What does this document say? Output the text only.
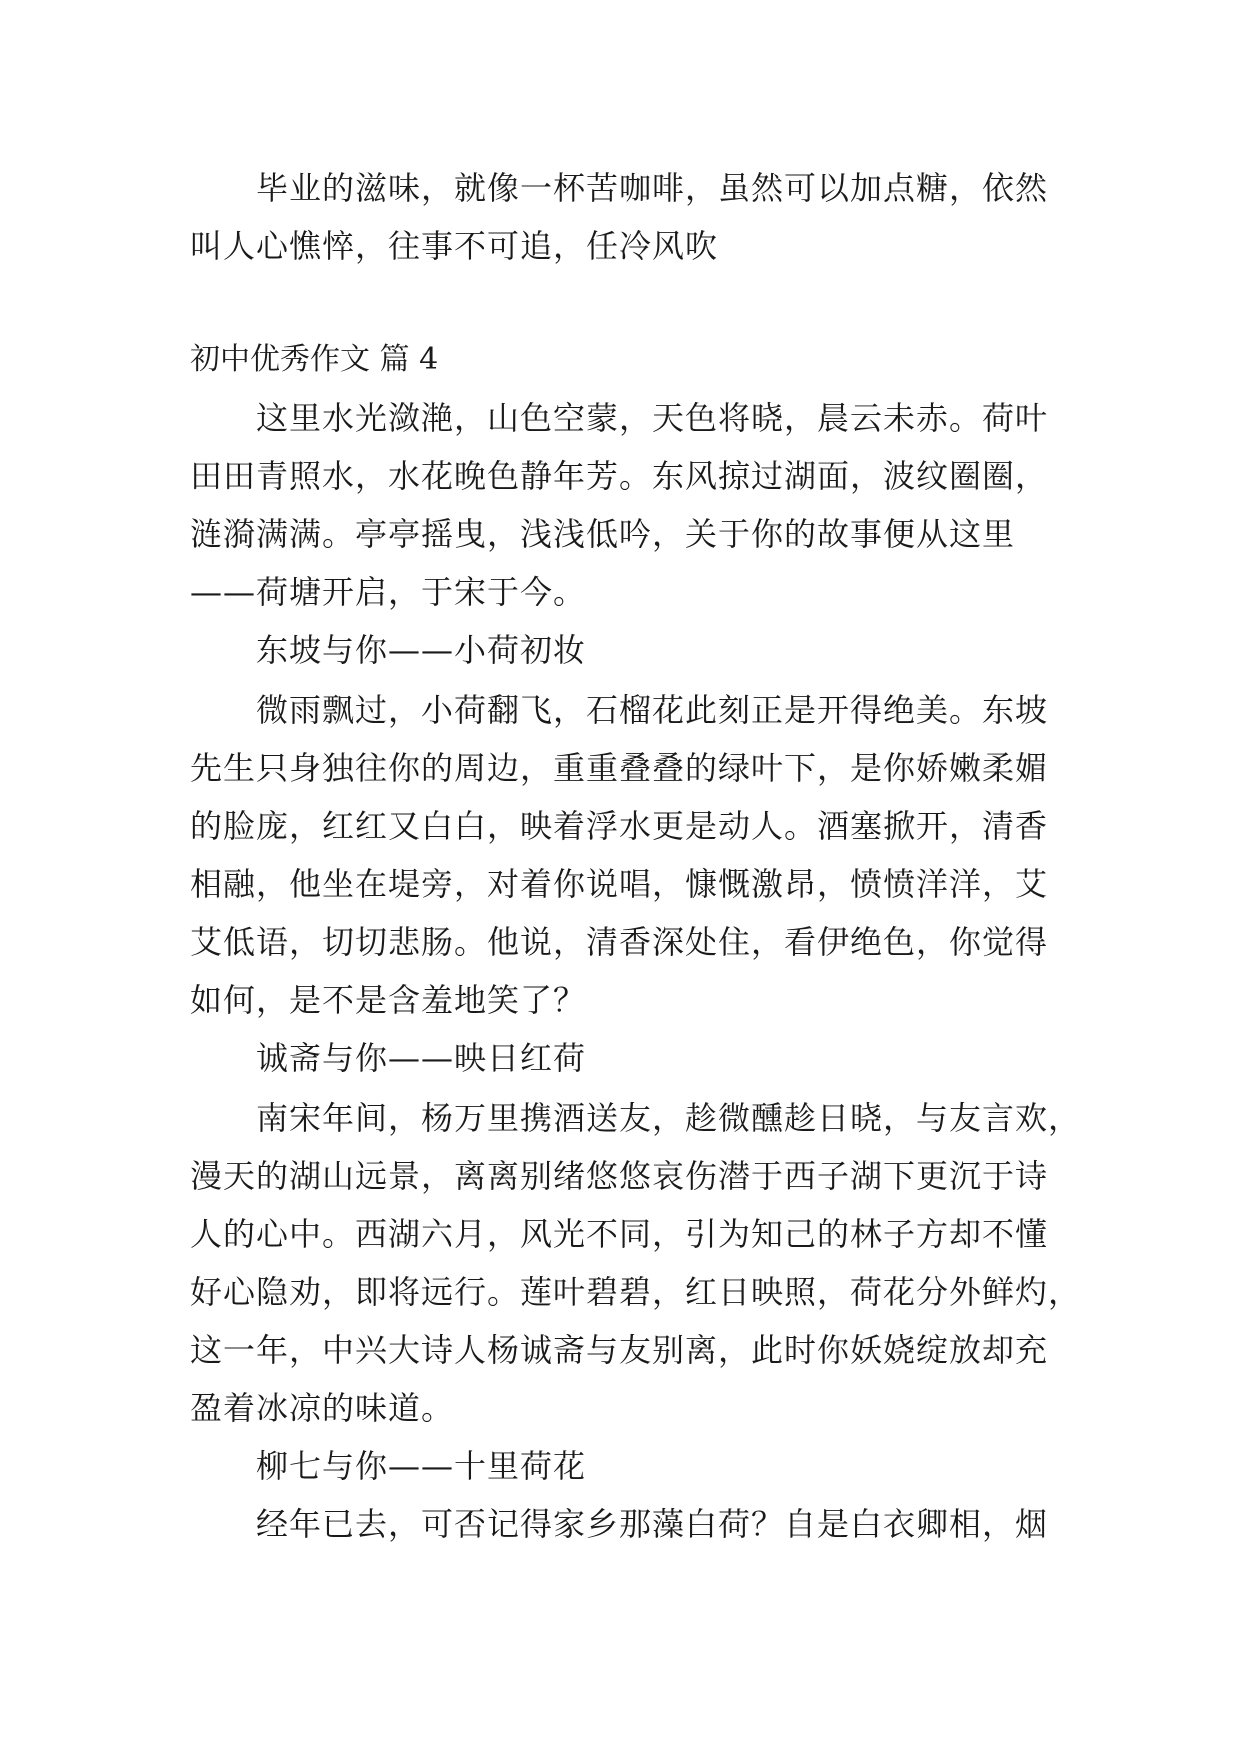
毕业的滋味，就像一杯苦咖啡，虽然可以加点糖，依然
叫人心憔悴，往事不可追，任冷风吹
初中优秀作文 篇 4
这里水光潋滟，山色空蒙，天色将晓，晨云未赤。荷叶
田田青照水，水花晚色静年芳。东风掠过湖面，波纹圈圈，
涟漪满满。亭亭摇曳，浅浅低吟，关于你的故事便从这里
——荷塘开启，于宋于今。
东坡与你——小荷初妆
微雨飘过，小荷翻飞，石榴花此刻正是开得绝美。东坡
先生只身独往你的周边，重重叠叠的绿叶下，是你娇嫩柔媚
的脸庞，红红又白白，映着浮水更是动人。酒塞掀开，清香
相融，他坐在堤旁，对着你说唱，慷慨激昂，愤愤洋洋，艾
艾低语，切切悲肠。他说，清香深处住，看伊绝色，你觉得
如何，是不是含羞地笑了？
诚斋与你——映日红荷
南宋年间，杨万里携酒送友，趁微醺趁日晓，与友言欢，
漫天的湖山远景，离离别绪悠悠哀伤潜于西子湖下更沉于诗
人的心中。西湖六月，风光不同，引为知己的林子方却不懂
好心隐劝，即将远行。莲叶碧碧，红日映照，荷花分外鲜灼，
这一年，中兴大诗人杨诚斋与友别离，此时你妖娆绽放却充
盈着冰凉的味道。
柳七与你——十里荷花
经年已去，可否记得家乡那藻白荷？自是白衣卿相，烟
